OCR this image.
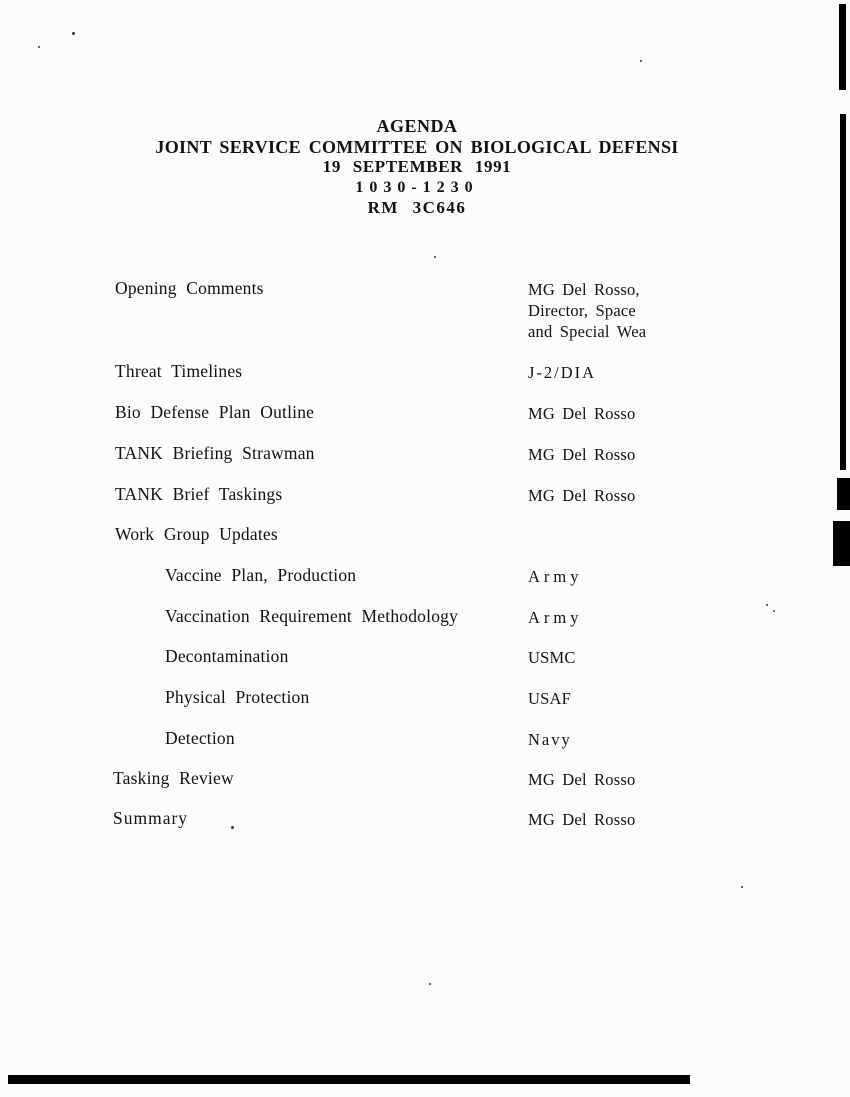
AGENDA
JOINT SERVICE COMMITTEE ON BIOLOGICAL DEFENSI
19 SEPTEMBER 1991
1030-1230
RM 3C646
Opening Comments	MG Del Rosso,
Director, Space
and Special Wea
Threat Timelines	J-2/DIA
Bio Defense Plan Outline	MG Del Rosso
TANK Briefing Strawman	MG Del Rosso
TANK Brief Taskings	MG Del Rosso
Work Group Updates
Vaccine Plan, Production	Army
Vaccination Requirement Methodology	Army
Decontamination	USMC
Physical Protection	USAF
Detection	Navy
Tasking Review	MG Del Rosso
Summary	MG Del Rosso
